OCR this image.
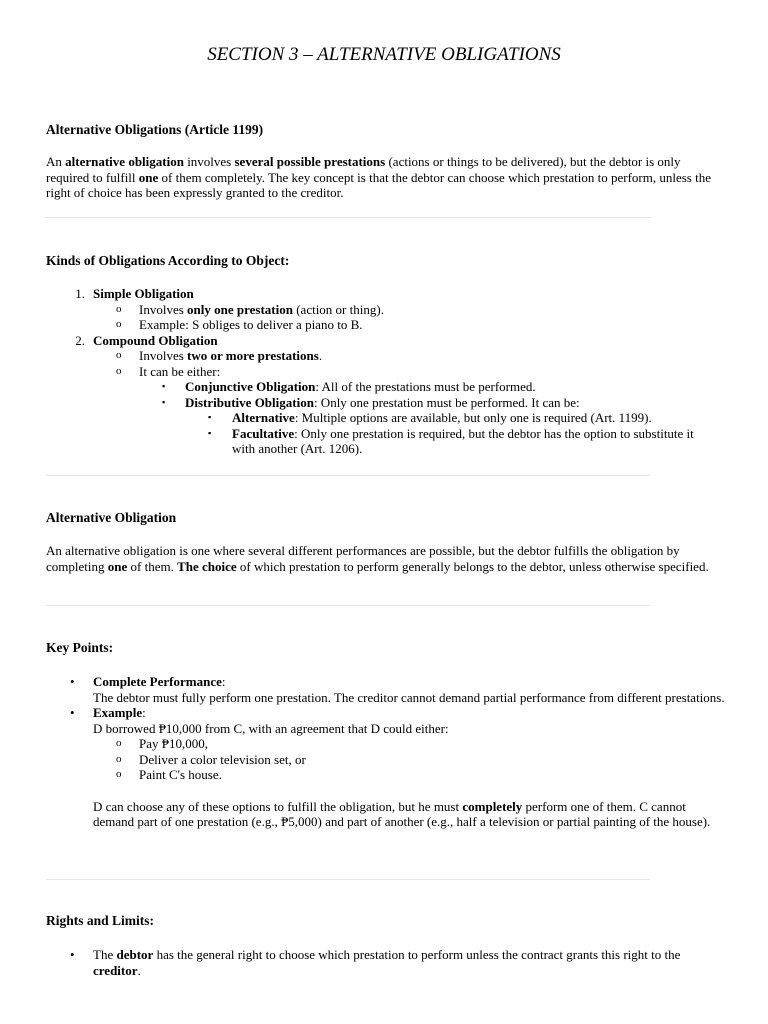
SECTION 3 – ALTERNATIVE OBLIGATIONS
Alternative Obligations (Article 1199)

An alternative obligation involves several possible prestations (actions or things to be delivered), but the debtor is only required to fulfill one of them completely. The key concept is that the debtor can choose which prestation to perform, unless the right of choice has been expressly granted to the creditor.

Kinds of Obligations According to Object:
1. Simple Obligation
o Involves only one prestation (action or thing).
o Example: S obliges to deliver a piano to B.
2. Compound Obligation
o Involves two or more prestations.
o It can be either:
▪ Conjunctive Obligation: All of the prestations must be performed.
▪ Distributive Obligation: Only one prestation must be performed. It can be:
▪ Alternative: Multiple options are available, but only one is required (Art. 1199).
▪ Facultative: Only one prestation is required, but the debtor has the option to substitute it with another (Art. 1206).
Alternative Obligation

An alternative obligation is one where several different performances are possible, but the debtor fulfills the obligation by completing one of them. The choice of which prestation to perform generally belongs to the debtor, unless otherwise specified.

Key Points:
• Complete Performance:
The debtor must fully perform one prestation. The creditor cannot demand partial performance from different prestations.
• Example:
D borrowed ₱10,000 from C, with an agreement that D could either:
o Pay ₱10,000,
o Deliver a color television set, or
o Paint C's house.

D can choose any of these options to fulfill the obligation, but he must completely perform one of them. C cannot demand part of one prestation (e.g., ₱5,000) and part of another (e.g., half a television or partial painting of the house).

Rights and Limits:
• The debtor has the general right to choose which prestation to perform unless the contract grants this right to the creditor.
